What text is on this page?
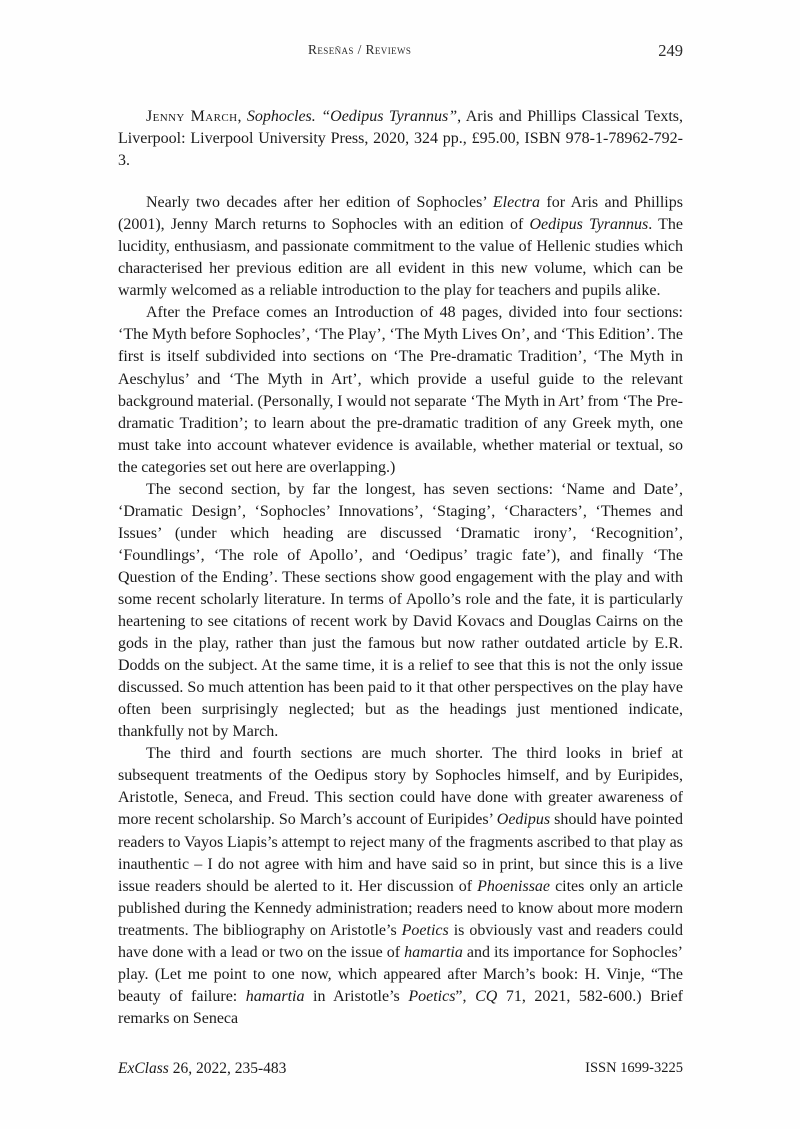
Reseñas / Reviews	249

Jenny March, Sophocles. “Oedipus Tyrannus”, Aris and Phillips Classical Texts, Liverpool: Liverpool University Press, 2020, 324 pp., £95.00, ISBN 978-1-78962-792-3.

Nearly two decades after her edition of Sophocles’ Electra for Aris and Phillips (2001), Jenny March returns to Sophocles with an edition of Oedipus Tyrannus. The lucidity, enthusiasm, and passionate commitment to the value of Hellenic studies which characterised her previous edition are all evident in this new volume, which can be warmly welcomed as a reliable introduction to the play for teachers and pupils alike.

After the Preface comes an Introduction of 48 pages, divided into four sections: ‘The Myth before Sophocles’, ‘The Play’, ‘The Myth Lives On’, and ‘This Edition’. The first is itself subdivided into sections on ‘The Pre-dramatic Tradition’, ‘The Myth in Aeschylus’ and ‘The Myth in Art’, which provide a useful guide to the relevant background material. (Personally, I would not separate ‘The Myth in Art’ from ‘The Pre-dramatic Tradition’; to learn about the pre-dramatic tradition of any Greek myth, one must take into account whatever evidence is available, whether material or textual, so the categories set out here are overlapping.)

The second section, by far the longest, has seven sections: ‘Name and Date’, ‘Dramatic Design’, ‘Sophocles’ Innovations’, ‘Staging’, ‘Characters’, ‘Themes and Issues’ (under which heading are discussed ‘Dramatic irony’, ‘Recognition’, ‘Foundlings’, ‘The role of Apollo’, and ‘Oedipus’ tragic fate’), and finally ‘The Question of the Ending’. These sections show good engagement with the play and with some recent scholarly literature. In terms of Apollo’s role and the fate, it is particularly heartening to see citations of recent work by David Kovacs and Douglas Cairns on the gods in the play, rather than just the famous but now rather outdated article by E.R. Dodds on the subject. At the same time, it is a relief to see that this is not the only issue discussed. So much attention has been paid to it that other perspectives on the play have often been surprisingly neglected; but as the headings just mentioned indicate, thankfully not by March.

The third and fourth sections are much shorter. The third looks in brief at subsequent treatments of the Oedipus story by Sophocles himself, and by Euripides, Aristotle, Seneca, and Freud. This section could have done with greater awareness of more recent scholarship. So March’s account of Euripides’ Oedipus should have pointed readers to Vayos Liapis’s attempt to reject many of the fragments ascribed to that play as inauthentic – I do not agree with him and have said so in print, but since this is a live issue readers should be alerted to it. Her discussion of Phoenissae cites only an article published during the Kennedy administration; readers need to know about more modern treatments. The bibliography on Aristotle’s Poetics is obviously vast and readers could have done with a lead or two on the issue of hamartia and its importance for Sophocles’ play. (Let me point to one now, which appeared after March’s book: H. Vinje, “The beauty of failure: hamartia in Aristotle’s Poetics”, CQ 71, 2021, 582-600.) Brief remarks on Seneca

ExClass 26, 2022, 235-483	ISSN 1699-3225
